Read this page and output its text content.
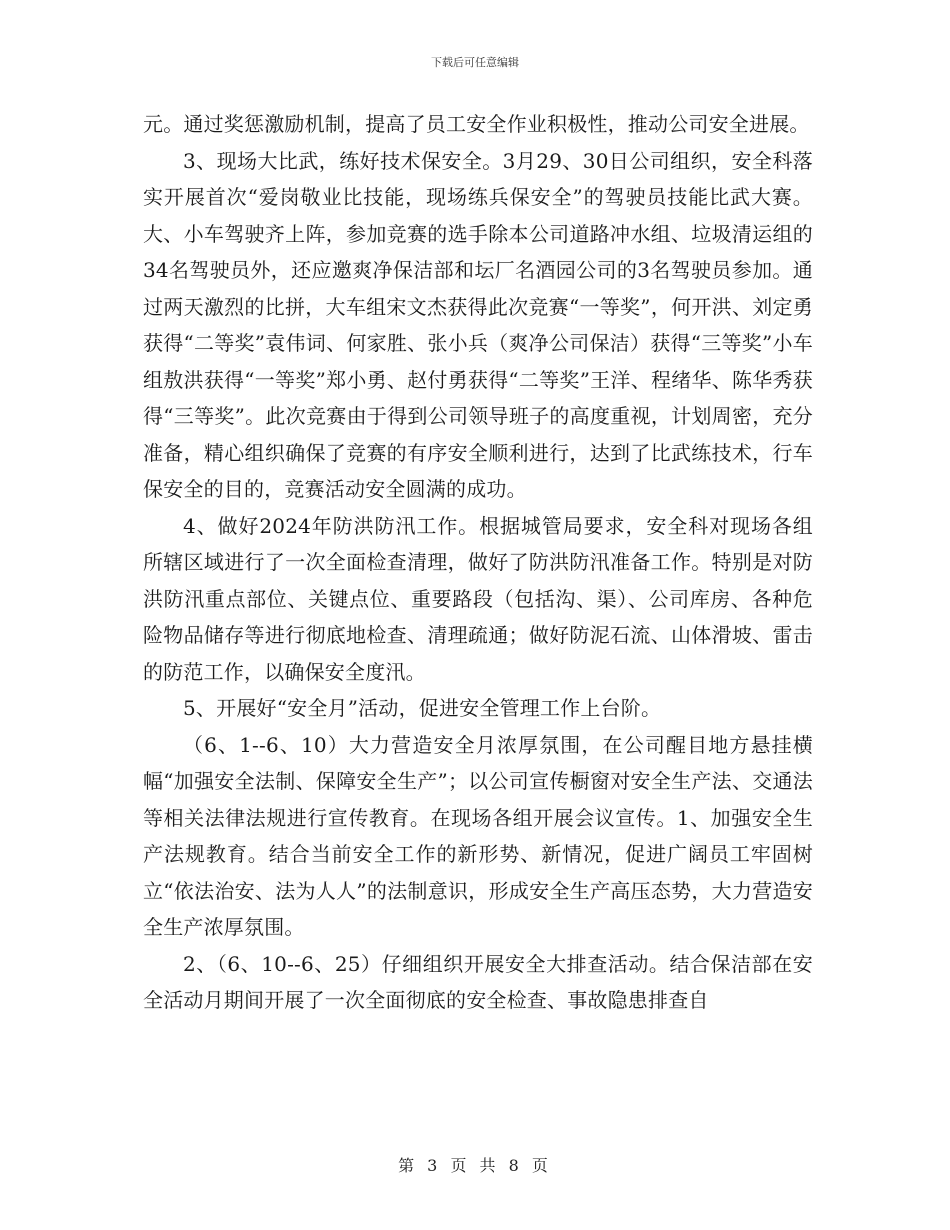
下载后可任意编辑

元。通过奖惩激励机制，提高了员工安全作业积极性，推动公司安全进展。

3、现场大比武，练好技术保安全。3月29、30日公司组织，安全科落实开展首次“爱岗敬业比技能，现场练兵保安全”的驾驶员技能比武大赛。大、小车驾驶齐上阵，参加竞赛的选手除本公司道路冲水组、垃圾清运组的34名驾驶员外，还应邀爽净保洁部和坛厂名酒园公司的3名驾驶员参加。通过两天激烈的比拼，大车组宋文杰获得此次竞赛“一等奖”，何开洪、刘定勇获得“二等奖”袁伟词、何家胜、张小兵（爽净公司保洁）获得“三等奖”小车组敖洪获得“一等奖”郑小勇、赵付勇获得“二等奖”王洋、程绪华、陈华秀获得“三等奖”。此次竞赛由于得到公司领导班子的高度重视，计划周密，充分准备，精心组织确保了竞赛的有序安全顺利进行，达到了比武练技术，行车保安全的目的，竞赛活动安全圆满的成功。

4、做好2024年防洪防汛工作。根据城管局要求，安全科对现场各组所辖区域进行了一次全面检查清理，做好了防洪防汛准备工作。特别是对防洪防汛重点部位、关键点位、重要路段（包括沟、渠）、公司库房、各种危险物品储存等进行彻底地检查、清理疏通；做好防泥石流、山体滑坡、雷击的防范工作，以确保安全度汛。

5、开展好“安全月”活动，促进安全管理工作上台阶。

（6、1--6、10）大力营造安全月浓厚氛围，在公司醒目地方悬挂横幅“加强安全法制、保障安全生产”；以公司宣传橱窗对安全生产法、交通法等相关法律法规进行宣传教育。在现场各组开展会议宣传。1、加强安全生产法规教育。结合当前安全工作的新形势、新情况，促进广阔员工牢固树立“依法治安、法为人人”的法制意识，形成安全生产高压态势，大力营造安全生产浓厚氛围。

2、（6、10--6、25）仔细组织开展安全大排查活动。结合保洁部在安全活动月期间开展了一次全面彻底的安全检查、事故隐患排查自

第 3 页 共 8 页
